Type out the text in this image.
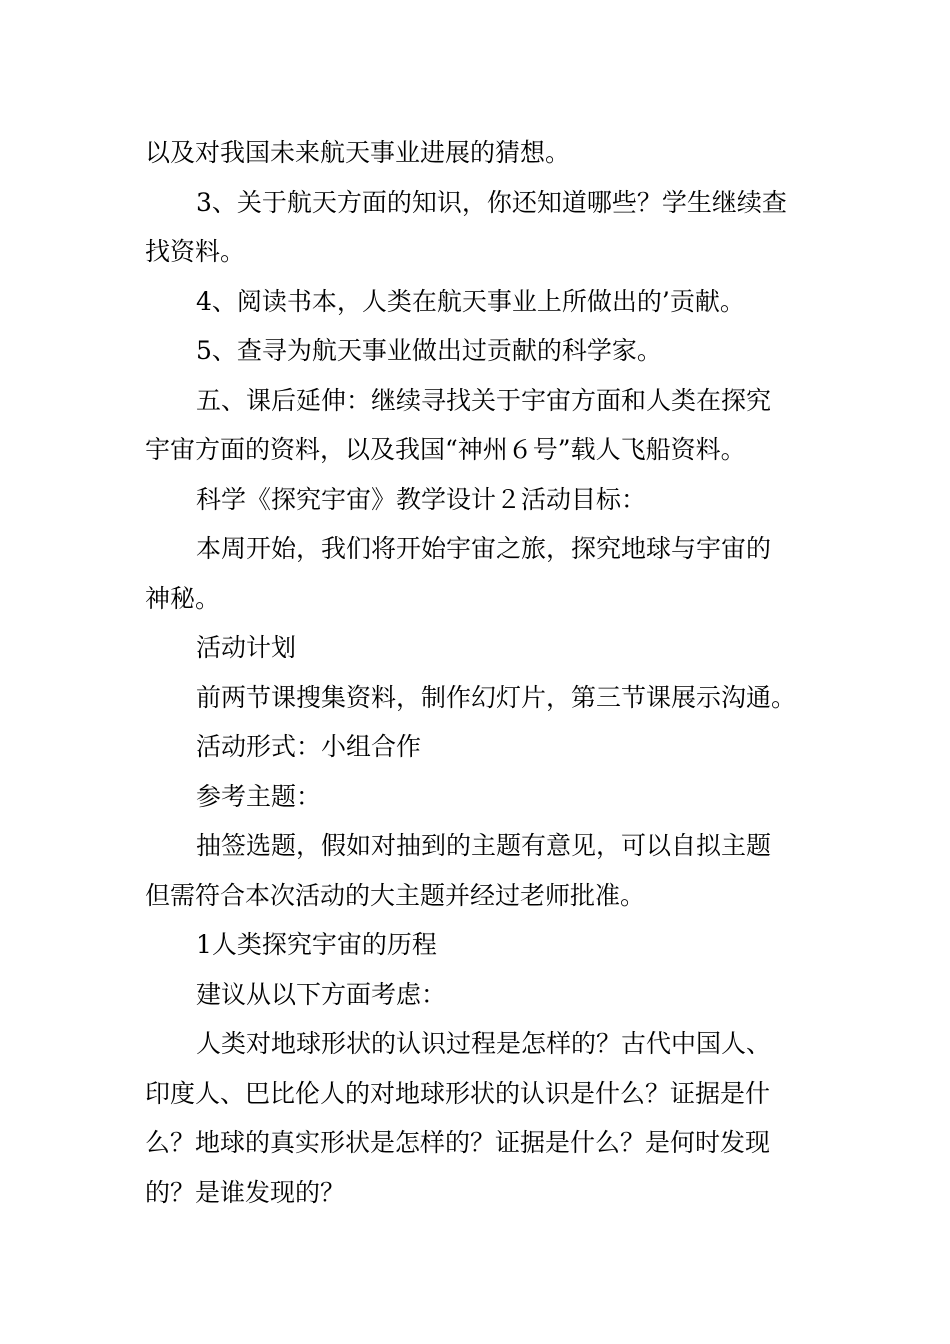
以及对我国未来航天事业进展的猜想。
3、关于航天方面的知识，你还知道哪些？学生继续查
找资料。
4、阅读书本，人类在航天事业上所做出的’贡献。
5、查寻为航天事业做出过贡献的科学家。
五、课后延伸：继续寻找关于宇宙方面和人类在探究
宇宙方面的资料，以及我国“神州６号”载人飞船资料。
科学《探究宇宙》教学设计２活动目标：
本周开始，我们将开始宇宙之旅，探究地球与宇宙的
神秘。
活动计划
前两节课搜集资料，制作幻灯片，第三节课展示沟通。
活动形式：小组合作
参考主题：
抽签选题，假如对抽到的主题有意见，可以自拟主题
但需符合本次活动的大主题并经过老师批准。
1人类探究宇宙的历程
建议从以下方面考虑：
人类对地球形状的认识过程是怎样的？古代中国人、
印度人、巴比伦人的对地球形状的认识是什么？证据是什
么？地球的真实形状是怎样的？证据是什么？是何时发现
的？是谁发现的？
